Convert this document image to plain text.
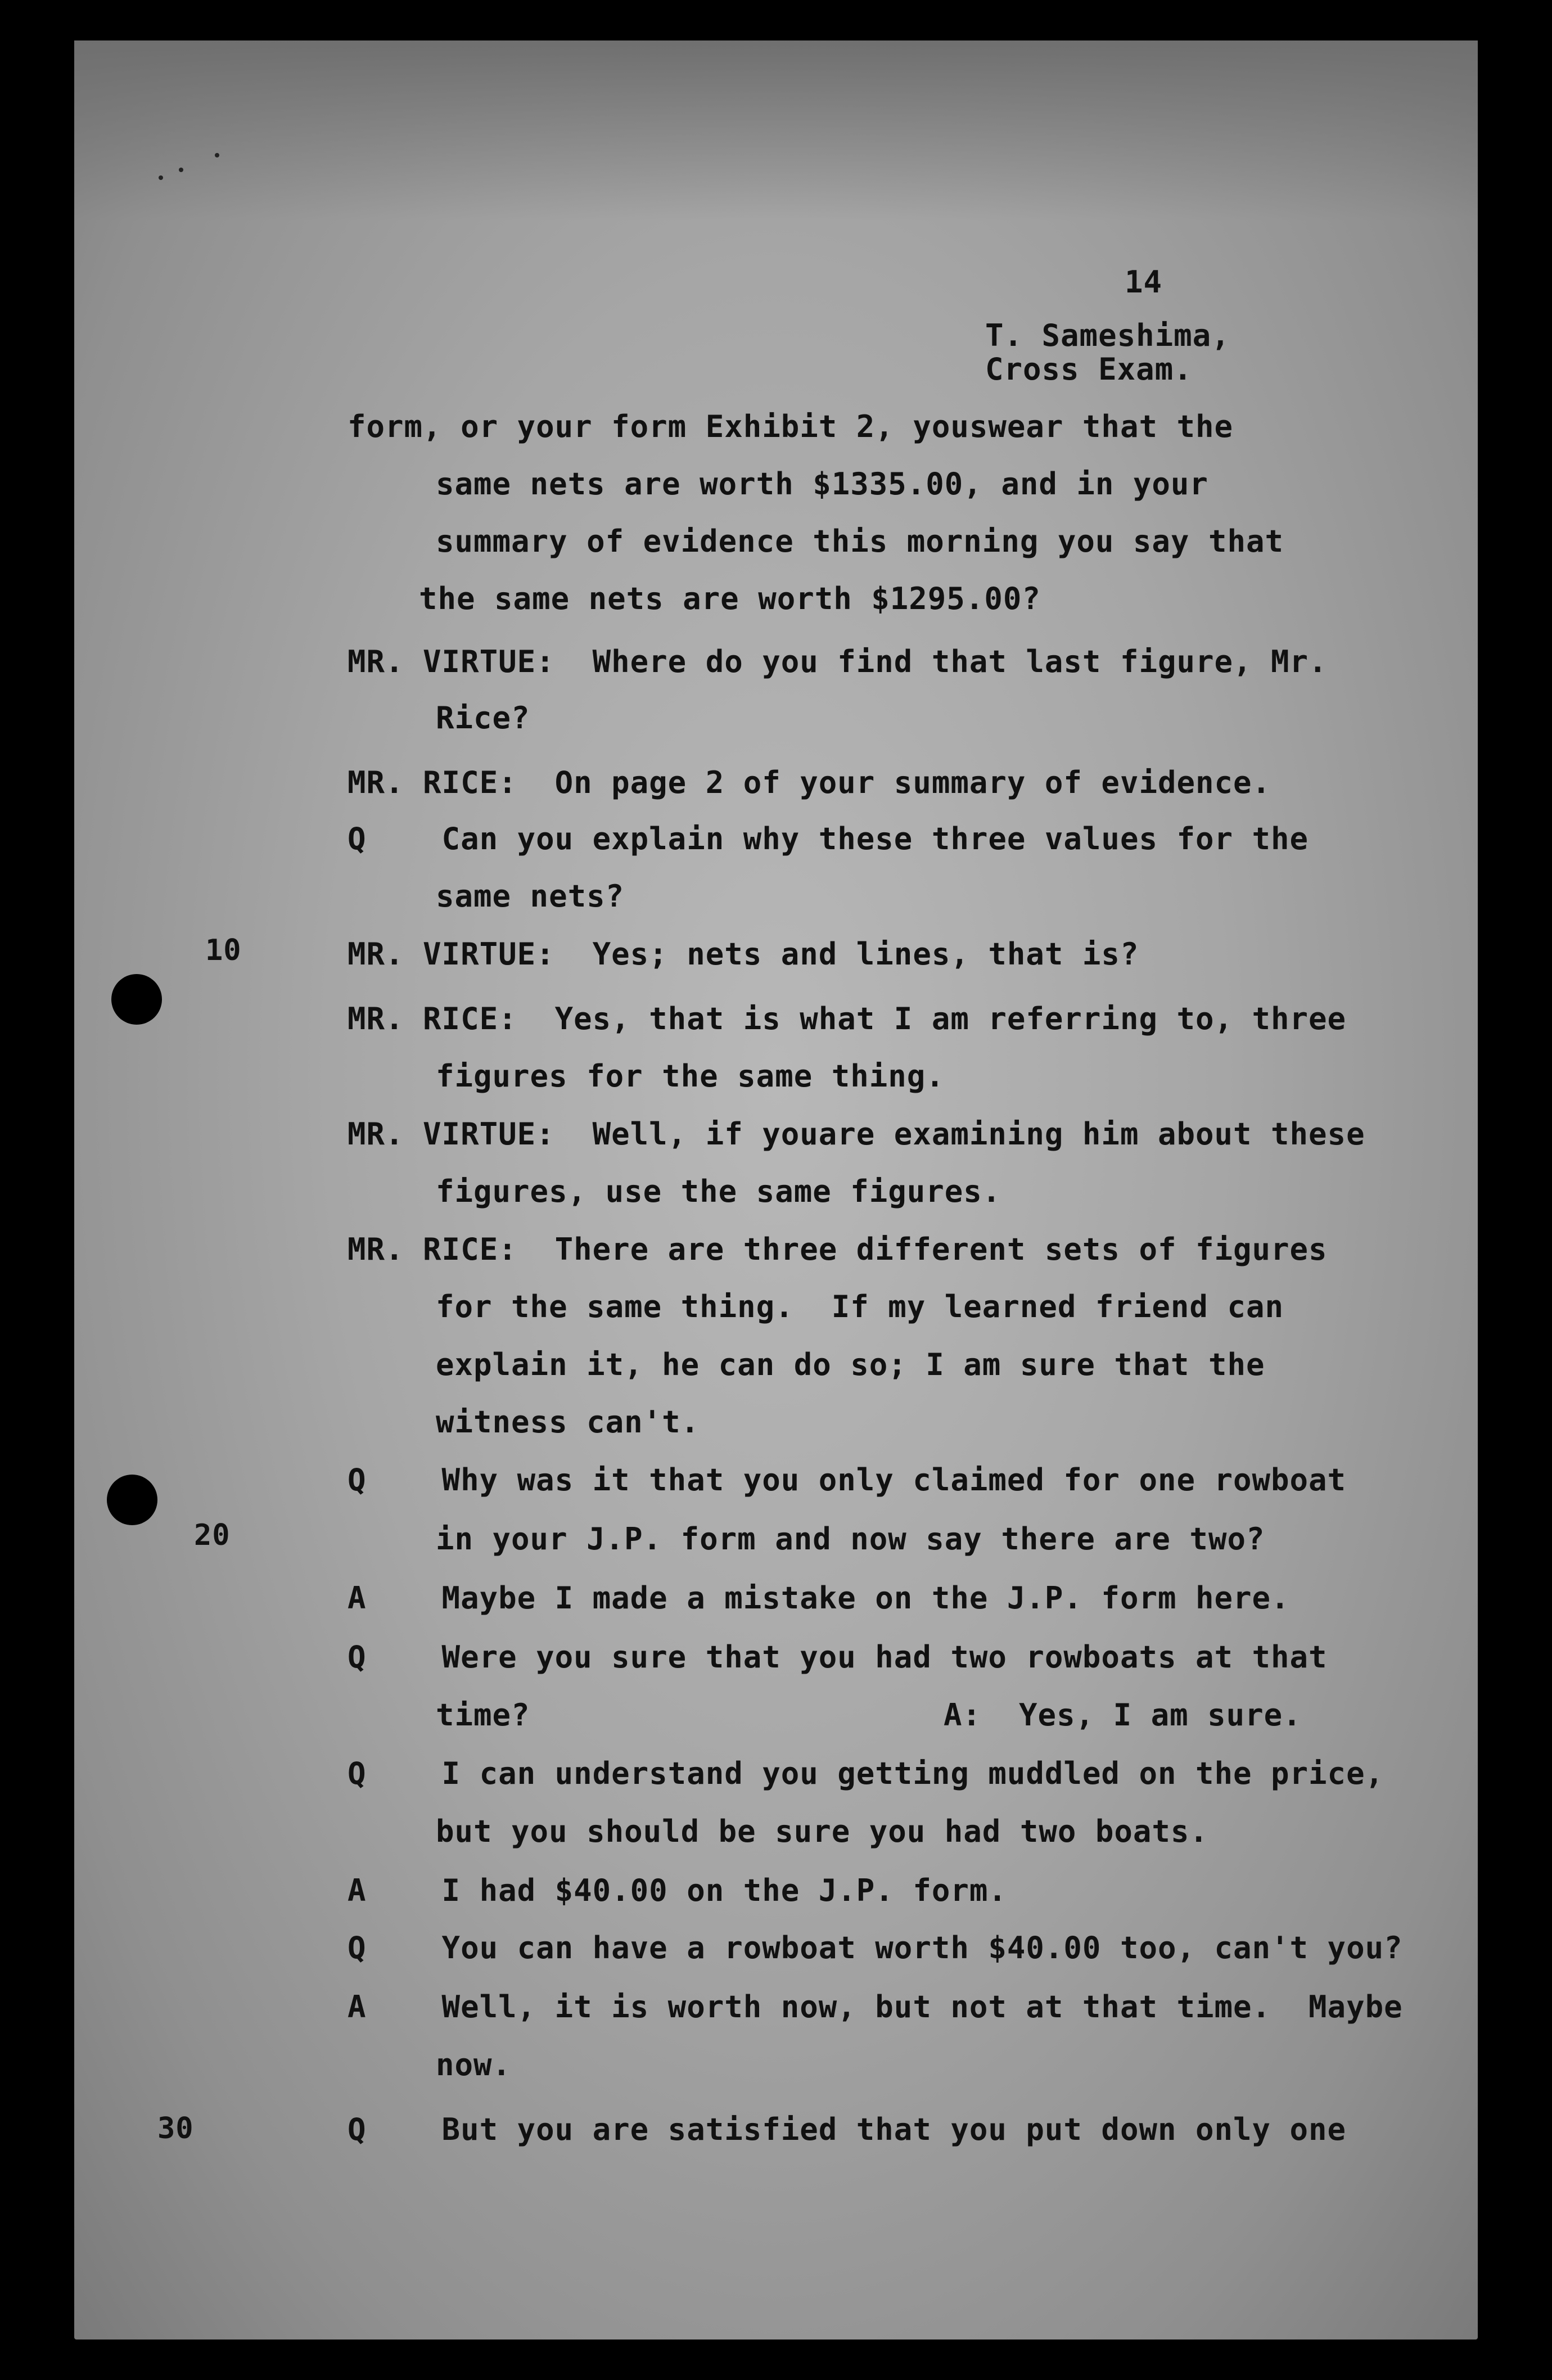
14
T. Sameshima,
Cross Exam.
form, or your form Exhibit 2, youswear that the
same nets are worth $1335.00, and in your
summary of evidence this morning you say that
the same nets are worth $1295.00?
MR. VIRTUE:  Where do you find that last figure, Mr.
Rice?
MR. RICE:  On page 2 of your summary of evidence.
Q    Can you explain why these three values for the
same nets?
MR. VIRTUE:  Yes; nets and lines, that is?
MR. RICE:  Yes, that is what I am referring to, three
figures for the same thing.
MR. VIRTUE:  Well, if youare examining him about these
figures, use the same figures.
MR. RICE:  There are three different sets of figures
for the same thing.  If my learned friend can
explain it, he can do so; I am sure that the
witness can't.
Q    Why was it that you only claimed for one rowboat
in your J.P. form and now say there are two?
A    Maybe I made a mistake on the J.P. form here.
Q    Were you sure that you had two rowboats at that
time?	A:  Yes, I am sure.
Q    I can understand you getting muddled on the price,
but you should be sure you had two boats.
A    I had $40.00 on the J.P. form.
Q    You can have a rowboat worth $40.00 too, can't you?
A    Well, it is worth now, but not at that time.  Maybe
now.
Q    But you are satisfied that you put down only one
10
20
30
